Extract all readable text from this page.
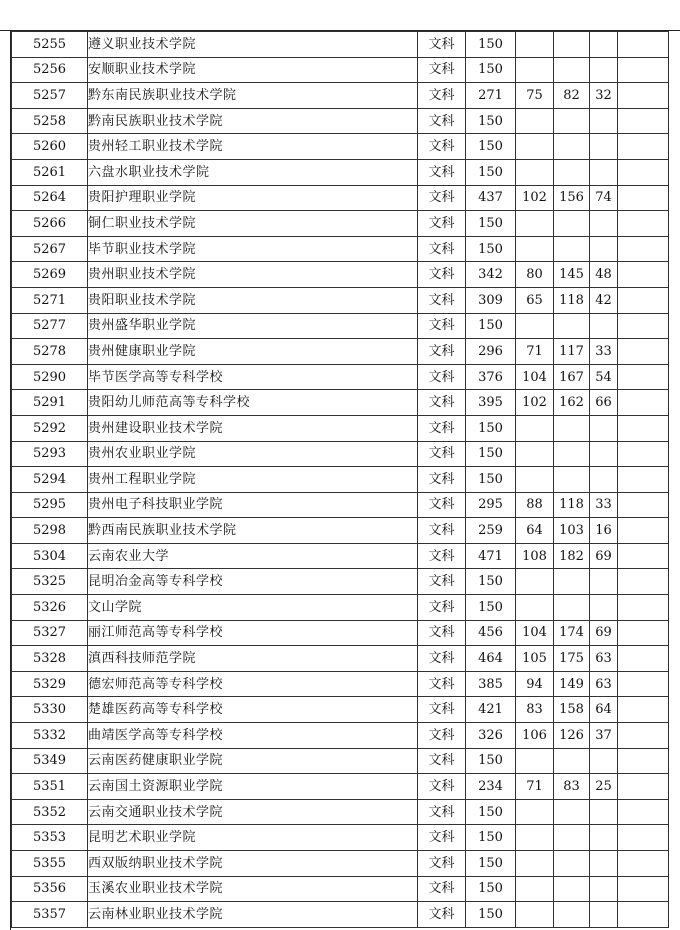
5255	遵义职业技术学院	文科	150				
5256	安顺职业技术学院	文科	150				
5257	黔东南民族职业技术学院	文科	271	75	82	32	
5258	黔南民族职业技术学院	文科	150				
5260	贵州轻工职业技术学院	文科	150				
5261	六盘水职业技术学院	文科	150				
5264	贵阳护理职业学院	文科	437	102	156	74	
5266	铜仁职业技术学院	文科	150				
5267	毕节职业技术学院	文科	150				
5269	贵州职业技术学院	文科	342	80	145	48	
5271	贵阳职业技术学院	文科	309	65	118	42	
5277	贵州盛华职业学院	文科	150				
5278	贵州健康职业学院	文科	296	71	117	33	
5290	毕节医学高等专科学校	文科	376	104	167	54	
5291	贵阳幼儿师范高等专科学校	文科	395	102	162	66	
5292	贵州建设职业技术学院	文科	150				
5293	贵州农业职业学院	文科	150				
5294	贵州工程职业学院	文科	150				
5295	贵州电子科技职业学院	文科	295	88	118	33	
5298	黔西南民族职业技术学院	文科	259	64	103	16	
5304	云南农业大学	文科	471	108	182	69	
5325	昆明冶金高等专科学校	文科	150				
5326	文山学院	文科	150				
5327	丽江师范高等专科学校	文科	456	104	174	69	
5328	滇西科技师范学院	文科	464	105	175	63	
5329	德宏师范高等专科学校	文科	385	94	149	63	
5330	楚雄医药高等专科学校	文科	421	83	158	64	
5332	曲靖医学高等专科学校	文科	326	106	126	37	
5349	云南医药健康职业学院	文科	150				
5351	云南国土资源职业学院	文科	234	71	83	25	
5352	云南交通职业技术学院	文科	150				
5353	昆明艺术职业学院	文科	150				
5355	西双版纳职业技术学院	文科	150				
5356	玉溪农业职业技术学院	文科	150				
5357	云南林业职业技术学院	文科	150				
